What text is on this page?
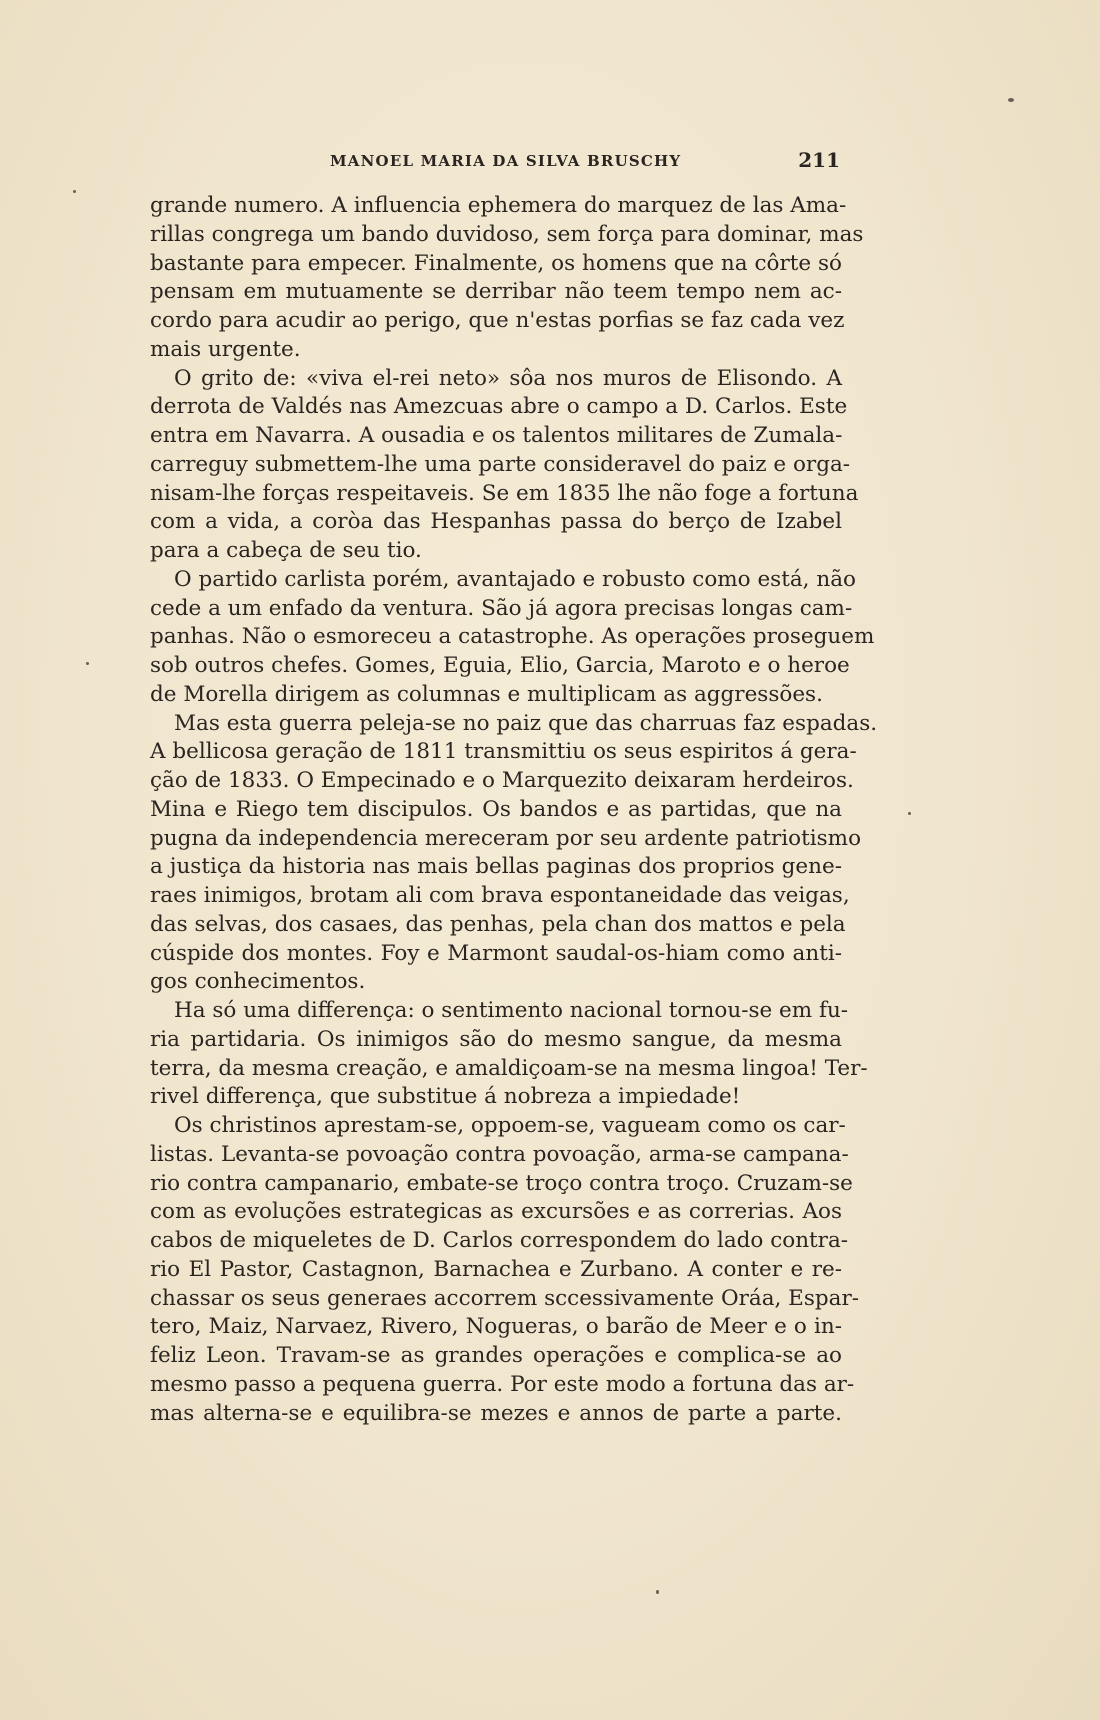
MANOEL MARIA DA SILVA BRUSCHY	211
grande numero. A influencia ephemera do marquez de las Ama-
rillas congrega um bando duvidoso, sem força para dominar, mas
bastante para empecer. Finalmente, os homens que na côrte só
pensam em mutuamente se derribar não teem tempo nem ac-
cordo para acudir ao perigo, que n'estas porfias se faz cada vez
mais urgente.
O grito de: «viva el-rei neto» sôa nos muros de Elisondo. A
derrota de Valdés nas Amezcuas abre o campo a D. Carlos. Este
entra em Navarra. A ousadia e os talentos militares de Zumala-
carreguy submettem-lhe uma parte consideravel do paiz e orga-
nisam-lhe forças respeitaveis. Se em 1835 lhe não foge a fortuna
com a vida, a coròa das Hespanhas passa do berço de Izabel
para a cabeça de seu tio.
O partido carlista porém, avantajado e robusto como está, não
cede a um enfado da ventura. São já agora precisas longas cam-
panhas. Não o esmoreceu a catastrophe. As operações proseguem
sob outros chefes. Gomes, Eguia, Elio, Garcia, Maroto e o heroe
de Morella dirigem as columnas e multiplicam as aggressões.
Mas esta guerra peleja-se no paiz que das charruas faz espadas.
A bellicosa geração de 1811 transmittiu os seus espiritos á gera-
ção de 1833. O Empecinado e o Marquezito deixaram herdeiros.
Mina e Riego tem discipulos. Os bandos e as partidas, que na
pugna da independencia mereceram por seu ardente patriotismo
a justiça da historia nas mais bellas paginas dos proprios gene-
raes inimigos, brotam ali com brava espontaneidade das veigas,
das selvas, dos casaes, das penhas, pela chan dos mattos e pela
cúspide dos montes. Foy e Marmont saudal-os-hiam como anti-
gos conhecimentos.
Ha só uma differença: o sentimento nacional tornou-se em fu-
ria partidaria. Os inimigos são do mesmo sangue, da mesma
terra, da mesma creação, e amaldiçoam-se na mesma lingoa! Ter-
rivel differença, que substitue á nobreza a impiedade!
Os christinos aprestam-se, oppoem-se, vagueam como os car-
listas. Levanta-se povoação contra povoação, arma-se campana-
rio contra campanario, embate-se troço contra troço. Cruzam-se
com as evoluções estrategicas as excursões e as correrias. Aos
cabos de miqueletes de D. Carlos correspondem do lado contra-
rio El Pastor, Castagnon, Barnachea e Zurbano. A conter e re-
chassar os seus generaes accorrem sccessivamente Oráa, Espar-
tero, Maiz, Narvaez, Rivero, Nogueras, o barão de Meer e o in-
feliz Leon. Travam-se as grandes operações e complica-se ao
mesmo passo a pequena guerra. Por este modo a fortuna das ar-
mas alterna-se e equilibra-se mezes e annos de parte a parte.
